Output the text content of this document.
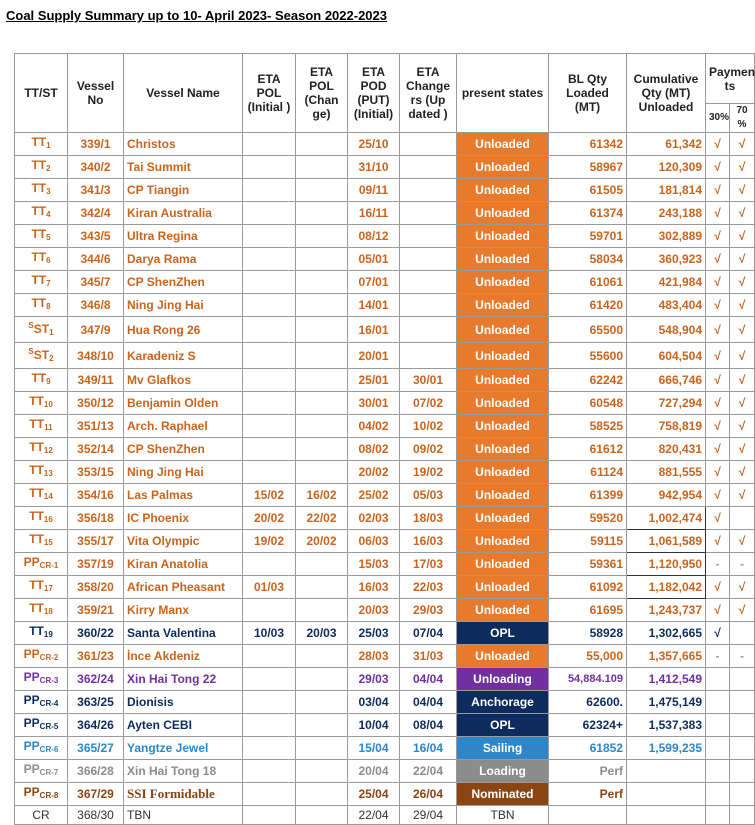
Coal Supply Summary up to 10- April 2023- Season 2022-2023
TT/ST	Vessel No	Vessel Name	ETA POL (Initial )	ETA POL (Chan ge)	ETA POD (PUT) (Initial)	ETA Change rs (Up dated )	present states	BL Qty Loaded (MT)	Cumulative Qty (MT) Unloaded	Paymen ts	
										30%	70 %
$TT_1$	339/1	Christos			25/10		Unloaded	61342	61,342	√	√
$TT_2$	340/2	Tai Summit			31/10		Unloaded	58967	120,309	√	√
$TT_3$	341/3	CP Tiangin			09/11		Unloaded	61505	181,814	√	√
$TT_4$	342/4	Kiran Australia			16/11		Unloaded	61374	243,188	√	√
$TT_5$	343/5	Ultra Regina			08/12		Unloaded	59701	302,889	√	√
$TT_6$	344/6	Darya Rama			05/01		Unloaded	58034	360,923	√	√
$TT_7$	345/7	CP ShenZhen			07/01		Unloaded	61061	421,984	√	√
$TT_8$	346/8	Ning Jing Hai			14/01		Unloaded	61420	483,404	√	√
$^SST_1$	347/9	Hua Rong 26			16/01		Unloaded	65500	548,904	√	√
$^SST_2$	348/10	Karadeniz S			20/01		Unloaded	55600	604,504	√	√
$TT_9$	349/11	Mv Glafkos			25/01	30/01	Unloaded	62242	666,746	√	√
$TT_{10}$	350/12	Benjamin Olden			30/01	07/02	Unloaded	60548	727,294	√	√
$TT_{11}$	351/13	Arch. Raphael			04/02	10/02	Unloaded	58525	758,819	√	√
$TT_{12}$	352/14	CP ShenZhen			08/02	09/02	Unloaded	61612	820,431	√	√
$TT_{13}$	353/15	Ning Jing Hai			20/02	19/02	Unloaded	61124	881,555	√	√
$TT_{14}$	354/16	Las Palmas	15/02	16/02	25/02	05/03	Unloaded	61399	942,954	√	√
$TT_{16}$	356/18	IC Phoenix	20/02	22/02	02/03	18/03	Unloaded	59520	1,002,474	√	
$TT_{15}$	355/17	Vita Olympic	19/02	20/02	06/03	16/03	Unloaded	59115	1,061,589	√	√
$PP_{CR-1}$	357/19	Kiran Anatolia			15/03	17/03	Unloaded	59361	1,120,950	-	-
$TT_{17}$	358/20	African Pheasant	01/03		16/03	22/03	Unloaded	61092	1,182,042	√	√
$TT_{18}$	359/21	Kirry Manx			20/03	29/03	Unloaded	61695	1,243,737	√	√
$TT_{19}$	360/22	Santa Valentina	10/03	20/03	25/03	07/04	OPL	58928	1,302,665	√	
$PP_{CR-2}$	361/23	İnce Akdeniz			28/03	31/03	Unloaded	55,000	1,357,665	-	-
$PP_{CR-3}$	362/24	Xin Hai Tong 22			29/03	04/04	Unloading	54,884.109	1,412,549		
$PP_{CR-4}$	363/25	Dionisis			03/04	04/04	Anchorage	62600.	1,475,149		
$PP_{CR-5}$	364/26	Ayten CEBI			10/04	08/04	OPL	62324+	1,537,383		
$PP_{CR-6}$	365/27	Yangtze Jewel			15/04	16/04	Sailing	61852	1,599,235		
$PP_{CR-7}$	366/28	Xin Hai Tong 18			20/04	22/04	Loading	Perf			
$PP_{CR-8}$	367/29	SSI Formidable			25/04	26/04	Nominated	Perf			
CR	368/30	TBN			22/04	29/04	TBN				
